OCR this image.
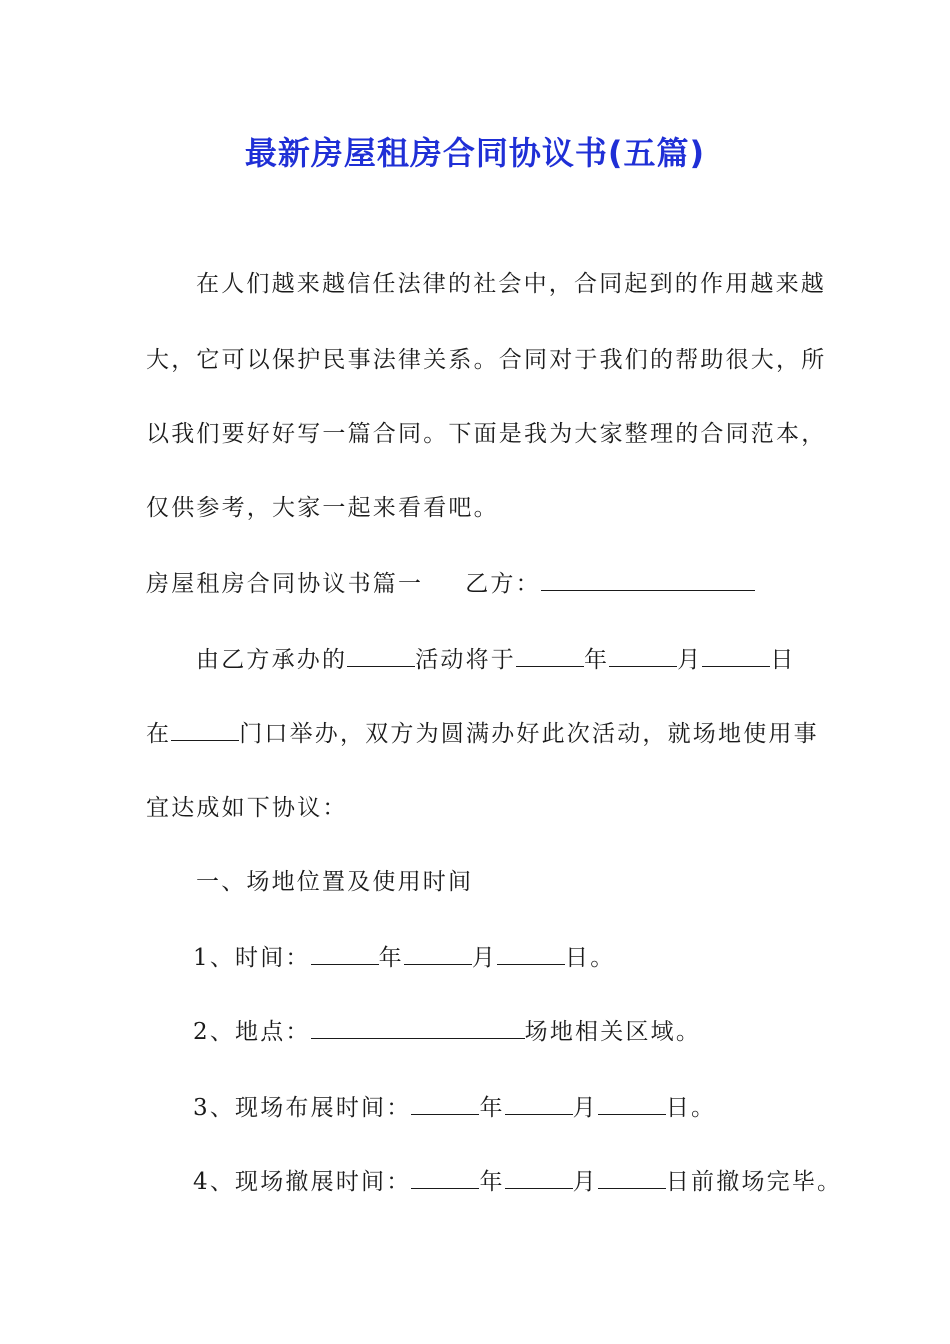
最新房屋租房合同协议书(五篇)
在人们越来越信任法律的社会中，合同起到的作用越来越
大，它可以保护民事法律关系。合同对于我们的帮助很大，所
以我们要好好写一篇合同。下面是我为大家整理的合同范本，
仅供参考，大家一起来看看吧。
房屋租房合同协议书篇一 乙方：
由乙方承办的	活动将于	年	月	日
在	门口举办，双方为圆满办好此次活动，就场地使用事
宜达成如下协议：
一、场地位置及使用时间
1、时间：	年	月	日。
2、地点：	场地相关区域。
3、现场布展时间：	年	月	日。
4、现场撤展时间：	年	月	日前撤场完毕。
